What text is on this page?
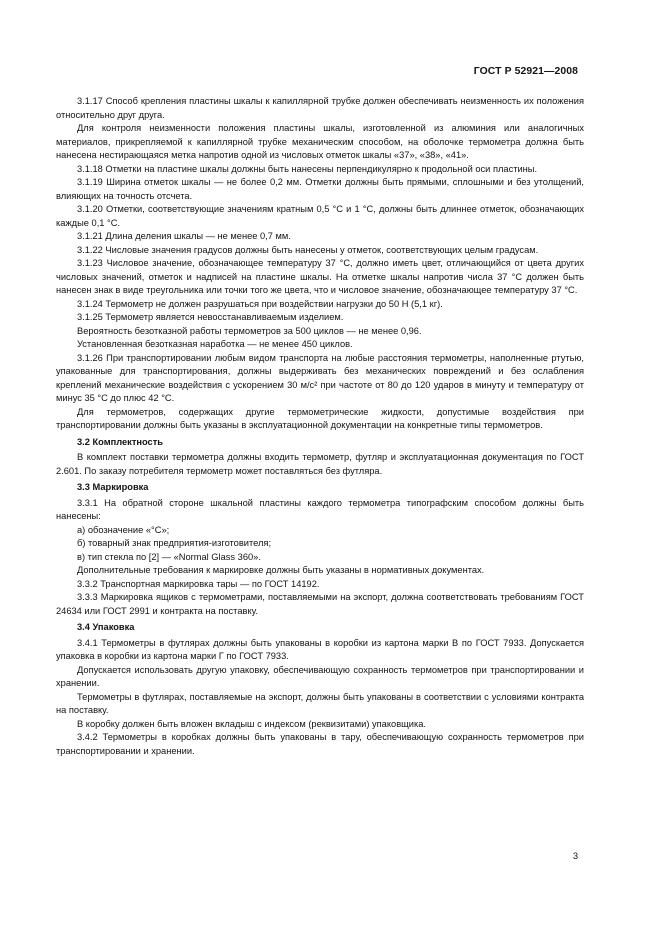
ГОСТ Р 52921—2008

3.1.17 Способ крепления пластины шкалы к капиллярной трубке должен обеспечивать неизменность их положения относительно друг друга.

Для контроля неизменности положения пластины шкалы, изготовленной из алюминия или аналогичных материалов, прикрепляемой к капиллярной трубке механическим способом, на оболочке термометра должна быть нанесена нестирающаяся метка напротив одной из числовых отметок шкалы «37», «38», «41».

3.1.18 Отметки на пластине шкалы должны быть нанесены перпендикулярно к продольной оси пластины.

3.1.19 Ширина отметок шкалы — не более 0,2 мм. Отметки должны быть прямыми, сплошными и без утолщений, влияющих на точность отсчета.

3.1.20 Отметки, соответствующие значениям кратным 0,5 °С и 1 °С, должны быть длиннее отметок, обозначающих каждые 0,1 °С.

3.1.21 Длина деления шкалы — не менее 0,7 мм.

3.1.22 Числовые значения градусов должны быть нанесены у отметок, соответствующих целым градусам.

3.1.23 Числовое значение, обозначающее температуру 37 °С, должно иметь цвет, отличающийся от цвета других числовых значений, отметок и надписей на пластине шкалы. На отметке шкалы напротив числа 37 °С должен быть нанесен знак в виде треугольника или точки того же цвета, что и числовое значение, обозначающее температуру 37 °С.

3.1.24 Термометр не должен разрушаться при воздействии нагрузки до 50 Н (5,1 кг).

3.1.25 Термометр является невосстанавливаемым изделием.

Вероятность безотказной работы термометров за 500 циклов — не менее 0,96.

Установленная безотказная наработка — не менее 450 циклов.

3.1.26 При транспортировании любым видом транспорта на любые расстояния термометры, наполненные ртутью, упакованные для транспортирования, должны выдерживать без механических повреждений и без ослабления креплений механические воздействия с ускорением 30 м/с² при частоте от 80 до 120 ударов в минуту и температуру от минус 35 °С до плюс 42 °С.

Для термометров, содержащих другие термометрические жидкости, допустимые воздействия при транспортировании должны быть указаны в эксплуатационной документации на конкретные типы термометров.

3.2 Комплектность

В комплект поставки термометра должны входить термометр, футляр и эксплуатационная документация по ГОСТ 2.601. По заказу потребителя термометр может поставляться без футляра.

3.3 Маркировка

3.3.1 На обратной стороне шкальной пластины каждого термометра типографским способом должны быть нанесены:

а) обозначение «°С»;

б) товарный знак предприятия-изготовителя;

в) тип стекла по [2] — «Normal Glass 360».

Дополнительные требования к маркировке должны быть указаны в нормативных документах.

3.3.2 Транспортная маркировка тары — по ГОСТ 14192.

3.3.3 Маркировка ящиков с термометрами, поставляемыми на экспорт, должна соответствовать требованиям ГОСТ 24634 или ГОСТ 2991 и контракта на поставку.

3.4 Упаковка

3.4.1 Термометры в футлярах должны быть упакованы в коробки из картона марки В по ГОСТ 7933. Допускается упаковка в коробки из картона марки Г по ГОСТ 7933.

Допускается использовать другую упаковку, обеспечивающую сохранность термометров при транспортировании и хранении.

Термометры в футлярах, поставляемые на экспорт, должны быть упакованы в соответствии с условиями контракта на поставку.

В коробку должен быть вложен вкладыш с индексом (реквизитами) упаковщика.

3.4.2 Термометры в коробках должны быть упакованы в тару, обеспечивающую сохранность термометров при транспортировании и хранении.

3
